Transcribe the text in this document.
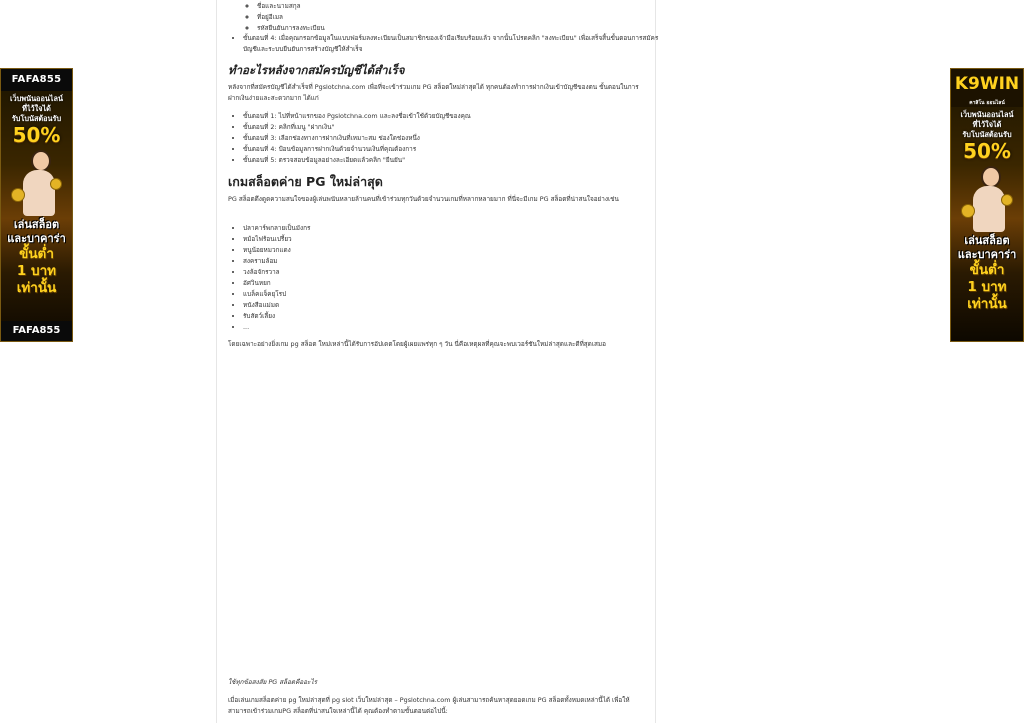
FAFA855
เว็บพนันออนไลน์
ที่ไว้ใจได้
รับโบนัสต้อนรับ
50%
เล่นสล็อต
และบาคาร่า
ขั้นต่ำ
1 บาท
เท่านั้น
FAFA855
◦ ชื่อและนามสกุล
◦ ที่อยู่อีเมล
◦ รหัสยืนยันการลงทะเบียน
• ขั้นตอนที่ 4: เมื่อคุณกรอกข้อมูลในแบบฟอร์มลงทะเบียนเป็นสมาชิกของเจ้ามือเรียบร้อยแล้ว จากนั้นโปรดคลิก "ลงทะเบียน" เพื่อเสร็จสิ้นขั้นตอนการสมัครบัญชีและระบบยืนยันการสร้างบัญชีให้สำเร็จ
ทำอะไรหลังจากสมัครบัญชีได้สำเร็จ

หลังจากที่สมัครบัญชีได้สำเร็จที่ Pgslotchna.com เพื่อที่จะเข้าร่วมเกม PG สล็อตใหม่ล่าสุดได้ ทุกคนต้องทำการฝากเงินเข้าบัญชีของตน ขั้นตอนในการฝากเงินง่ายและสะดวกมาก ได้แก่

• ขั้นตอนที่ 1: ไปที่หน้าแรกของ Pgslotchna.com และลงชื่อเข้าใช้ด้วยบัญชีของคุณ
• ขั้นตอนที่ 2: คลิกที่เมนู "ฝากเงิน"
• ขั้นตอนที่ 3: เลือกช่องทางการฝากเงินที่เหมาะสม ช่องใดช่องหนึ่ง
• ขั้นตอนที่ 4: ป้อนข้อมูลการฝากเงินด้วยจำนวนเงินที่คุณต้องการ
• ขั้นตอนที่ 5: ตรวจสอบข้อมูลอย่างละเอียดแล้วคลิก "ยืนยัน"
เกมสล็อตค่าย PG ใหม่ล่าสุด

PG สล็อตดึงดูดความสนใจของผู้เล่นพนันหลายล้านคนที่เข้าร่วมทุกวันด้วยจำนวนเกมที่หลากหลายมาก ที่นี่จะมีเกม PG สล็อตที่น่าสนใจอย่างเช่น

• ปลาคาร์พกลายเป็นมังกร
• หม้อไฟร้อนเปรี้ยว
• หนูน้อยหมวกแดง
• สงครามล้อม
• วงล้อจักรวาล
• อัศวินหยก
• แบล็คแจ็คยุโรป
• หนังสือแม่มด
• รับสัตว์เลี้ยง
• ...

โดยเฉพาะอย่างยิ่งเกม pg สล็อต ใหม่เหล่านี้ได้รับการอัปเดตโดยผู้เผยแพร่ทุก ๆ วัน นี่คือเหตุผลที่คุณจะพบเวอร์ชันใหม่ล่าสุดและดีที่สุดเสมอ

ใช้ทุกข้อสงสัย PG สล็อตคืออะไร

เมื่อเล่นเกมสล็อตค่าย pg ใหม่ล่าสุดที่ pg slot เว็บใหม่ล่าสุด – Pgslotchna.com ผู้เล่นสามารถค้นหาสุดยอดเกม PG สล็อตทั้งหมดเหล่านี้ได้ เพื่อให้สามารถเข้าร่วมเกมPG สล็อตที่น่าสนใจเหล่านี้ได้ คุณต้องทำตามขั้นตอนต่อไปนี้:

K9WIN
คาสิโน ออนไลน์
เว็บพนันออนไลน์
ที่ไว้ใจได้
รับโบนัสต้อนรับ
50%
เล่นสล็อต
และบาคาร่า
ขั้นต่ำ
1 บาท
เท่านั้น
